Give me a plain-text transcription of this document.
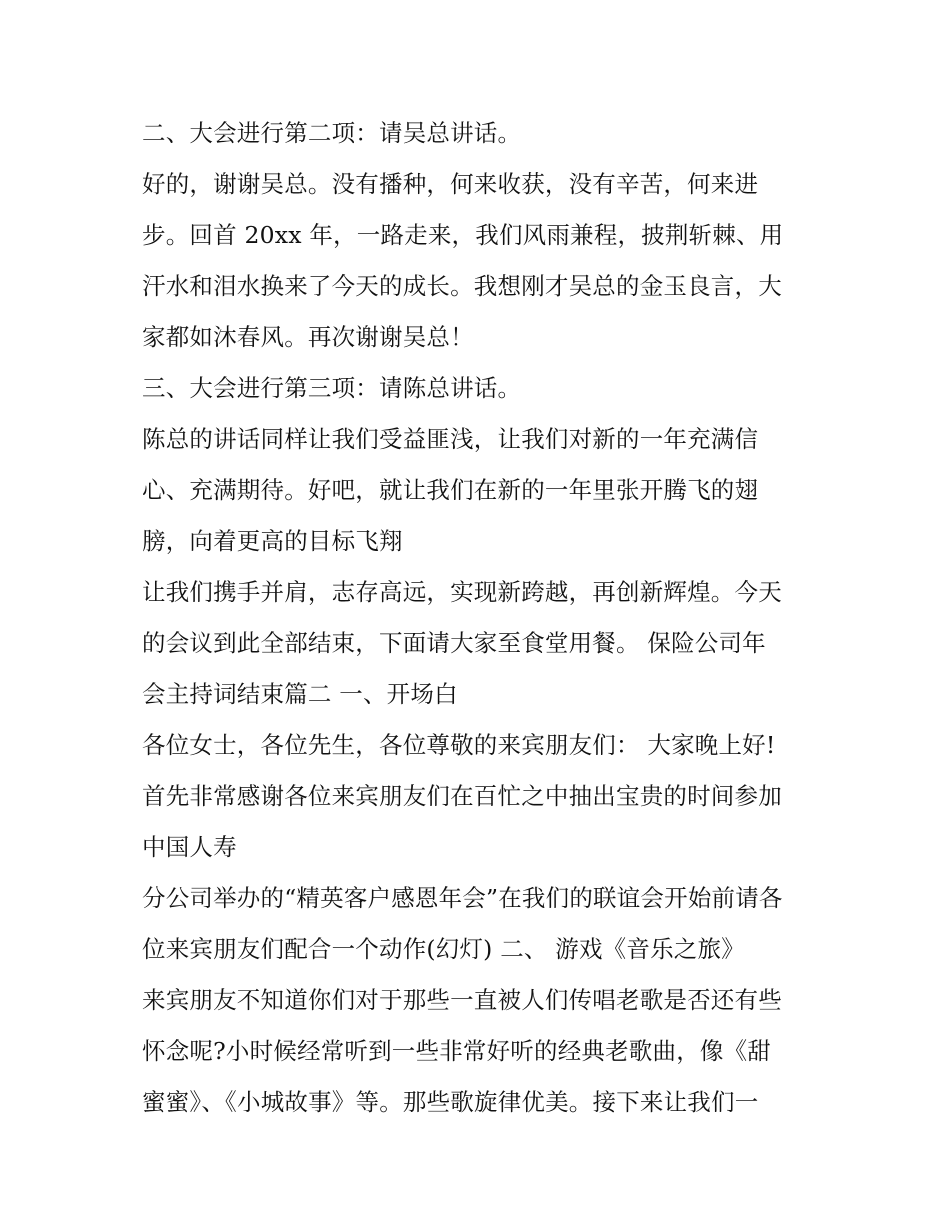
二、大会进行第二项：请吴总讲话。
好的，谢谢吴总。没有播种，何来收获，没有辛苦，何来进
步。回首 20xx 年，一路走来，我们风雨兼程，披荆斩棘、用
汗水和泪水换来了今天的成长。我想刚才吴总的金玉良言，大
家都如沐春风。再次谢谢吴总！
三、大会进行第三项：请陈总讲话。
陈总的讲话同样让我们受益匪浅，让我们对新的一年充满信
心、充满期待。好吧，就让我们在新的一年里张开腾飞的翅
膀，向着更高的目标飞翔
让我们携手并肩，志存高远，实现新跨越，再创新辉煌。今天
的会议到此全部结束，下面请大家至食堂用餐。 保险公司年
会主持词结束篇二 一、开场白
各位女士，各位先生，各位尊敬的来宾朋友们： 大家晚上好!
首先非常感谢各位来宾朋友们在百忙之中抽出宝贵的时间参加
中国人寿
分公司举办的“精英客户感恩年会”在我们的联谊会开始前请各
位来宾朋友们配合一个动作(幻灯) 二、 游戏《音乐之旅》
来宾朋友不知道你们对于那些一直被人们传唱老歌是否还有些
怀念呢?小时候经常听到一些非常好听的经典老歌曲，像《甜
蜜蜜》、《小城故事》等。那些歌旋律优美。接下来让我们一
